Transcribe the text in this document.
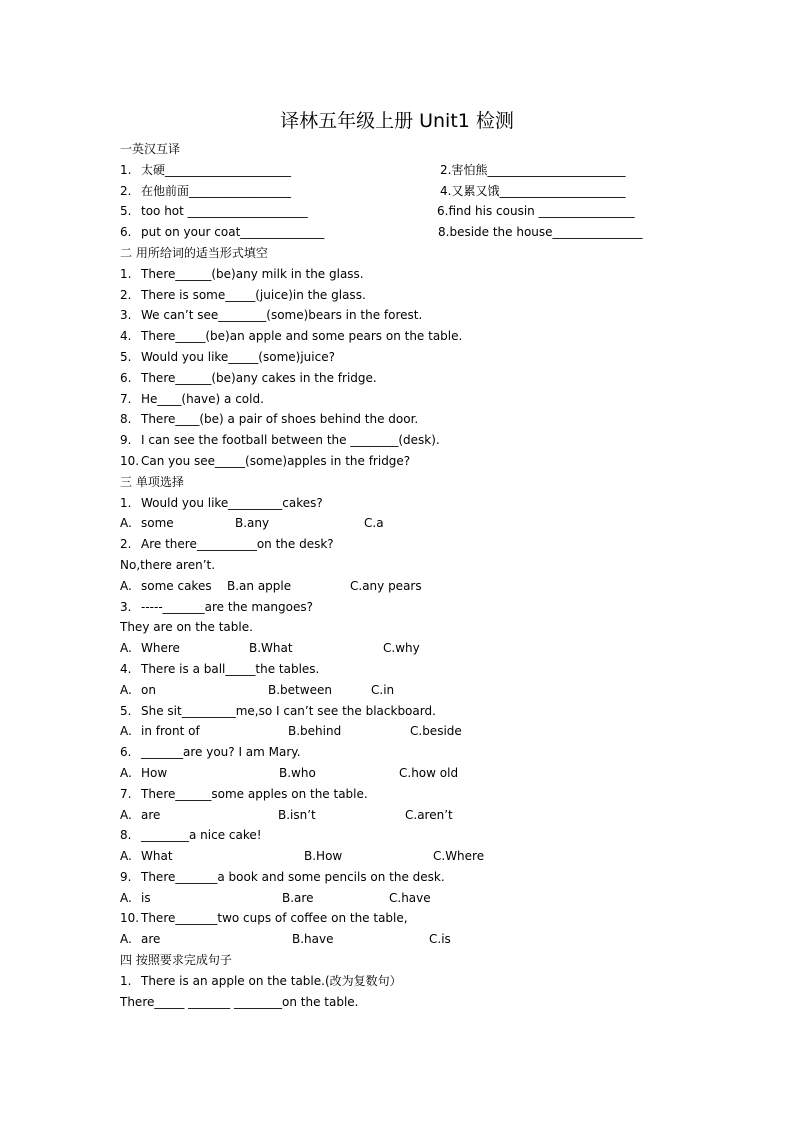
译林五年级上册 Unit1 检测
一英汉互译
1. 太硬_____________________	2.害怕熊_______________________
2. 在他前面_________________	4.又累又饿_____________________
5. too hot ____________________	6.find his cousin ________________
6. put on your coat______________	8.beside the house_______________
二 用所给词的适当形式填空
1. There______(be)any milk in the glass.
2. There is some_____(juice)in the glass.
3. We can’t see________(some)bears in the forest.
4. There_____(be)an apple and some pears on the table.
5. Would you like_____(some)juice?
6. There______(be)any cakes in the fridge.
7. He____(have) a cold.
8. There____(be) a pair of shoes behind the door.
9. I can see the football between the ________(desk).
10. Can you see_____(some)apples in the fridge?
三 单项选择
1. Would you like_________cakes?
A. some	B.any	C.a
2. Are there__________on the desk?
No,there aren’t.
A. some cakes B.an apple	C.any pears
3. -----_______are the mangoes?
They are on the table.
A. Where	B.What	C.why
4. There is a ball_____the tables.
A. on	B.between	C.in
5. She sit_________me,so I can’t see the blackboard.
A. in front of	B.behind	C.beside
6. _______are you? I am Mary.
A. How	B.who	C.how old
7. There______some apples on the table.
A. are	B.isn’t	C.aren’t
8. ________a nice cake!
A. What	B.How	C.Where
9. There_______a book and some pencils on the desk.
A. is	B.are	C.have
10. There_______two cups of coffee on the table,
A. are	B.have	C.is
四 按照要求完成句子
1. There is an apple on the table.(改为复数句）
There_____ _______ ________on the table.
